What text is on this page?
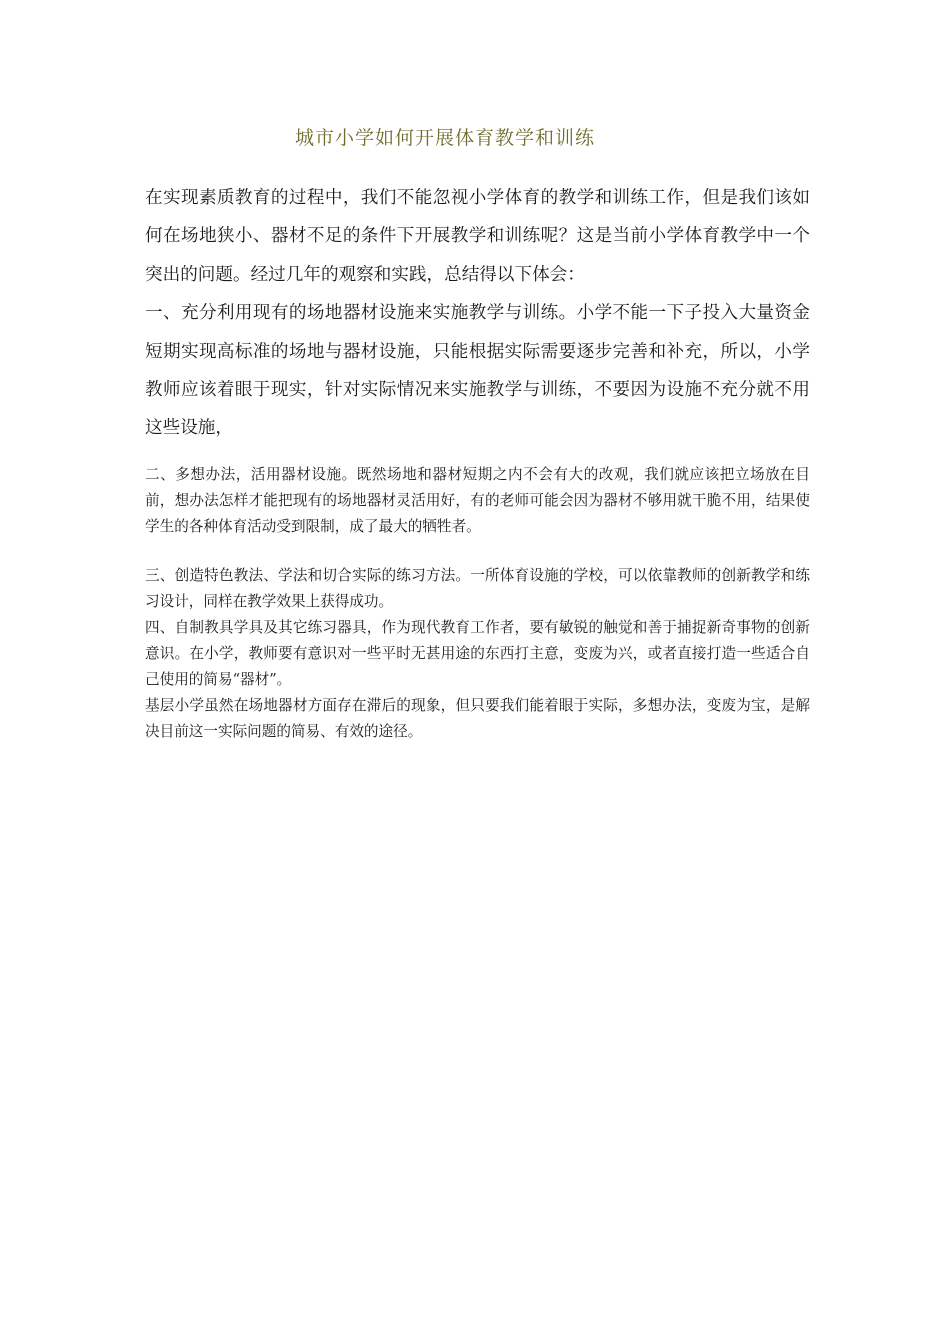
城市小学如何开展体育教学和训练

在实现素质教育的过程中，我们不能忽视小学体育的教学和训练工作，但是我们该如何在场地狭小、器材不足的条件下开展教学和训练呢？这是当前小学体育教学中一个突出的问题。经过几年的观察和实践，总结得以下体会：

一、充分利用现有的场地器材设施来实施教学与训练。小学不能一下子投入大量资金短期实现高标准的场地与器材设施，只能根据实际需要逐步完善和补充，所以，小学教师应该着眼于现实，针对实际情况来实施教学与训练，不要因为设施不充分就不用这些设施，

二、多想办法，活用器材设施。既然场地和器材短期之内不会有大的改观，我们就应该把立场放在目前，想办法怎样才能把现有的场地器材灵活用好，有的老师可能会因为器材不够用就干脆不用，结果使学生的各种体育活动受到限制，成了最大的牺牲者。

三、创造特色教法、学法和切合实际的练习方法。一所体育设施的学校，可以依靠教师的创新教学和练习设计，同样在教学效果上获得成功。

四、自制教具学具及其它练习器具，作为现代教育工作者，要有敏锐的触觉和善于捕捉新奇事物的创新意识。在小学，教师要有意识对一些平时无甚用途的东西打主意，变废为兴，或者直接打造一些适合自己使用的简易“器材”。

基层小学虽然在场地器材方面存在滞后的现象，但只要我们能着眼于实际，多想办法，变废为宝，是解决目前这一实际问题的简易、有效的途径。
